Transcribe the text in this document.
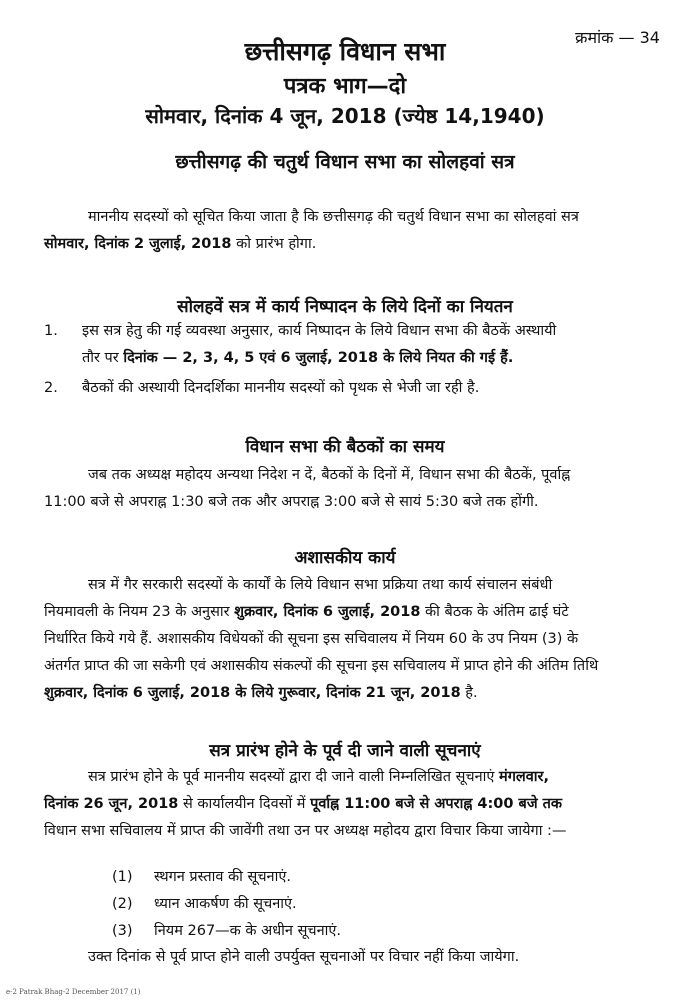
क्रमांक — 34
छत्तीसगढ़ विधान सभा
पत्रक भाग—दो
सोमवार, दिनांक 4 जून, 2018 (ज्येष्ठ 14,1940)
छत्तीसगढ़ की चतुर्थ विधान सभा का सोलहवां सत्र

माननीय सदस्यों को सूचित किया जाता है कि छत्तीसगढ़ की चतुर्थ विधान सभा का सोलहवां सत्र
सोमवार, दिनांक 2 जुलाई, 2018 को प्रारंभ होगा.

सोलहवें सत्र में कार्य निष्पादन के लिये दिनों का नियतन
1. इस सत्र हेतु की गई व्यवस्था अनुसार, कार्य निष्पादन के लिये विधान सभा की बैठकें अस्थायी
तौर पर दिनांक — 2, 3, 4, 5 एवं 6 जुलाई, 2018 के लिये नियत की गई हैं.
2. बैठकों की अस्थायी दिनदर्शिका माननीय सदस्यों को पृथक से भेजी जा रही है.
विधान सभा की बैठकों का समय

जब तक अध्यक्ष महोदय अन्यथा निदेश न दें, बैठकों के दिनों में, विधान सभा की बैठकें, पूर्वाह्न
11:00 बजे से अपराह्न 1:30 बजे तक और अपराह्न 3:00 बजे से सायं 5:30 बजे तक होंगी.

अशासकीय कार्य

सत्र में गैर सरकारी सदस्यों के कार्यों के लिये विधान सभा प्रक्रिया तथा कार्य संचालन संबंधी
नियमावली के नियम 23 के अनुसार शुक्रवार, दिनांक 6 जुलाई, 2018 की बैठक के अंतिम ढाई घंटे
निर्धारित किये गये हैं. अशासकीय विधेयकों की सूचना इस सचिवालय में नियम 60 के उप नियम (3) के
अंतर्गत प्राप्त की जा सकेगी एवं अशासकीय संकल्पों की सूचना इस सचिवालय में प्राप्त होने की अंतिम तिथि
शुक्रवार, दिनांक 6 जुलाई, 2018 के लिये गुरूवार, दिनांक 21 जून, 2018 है.

सत्र प्रारंभ होने के पूर्व दी जाने वाली सूचनाएं

सत्र प्रारंभ होने के पूर्व माननीय सदस्यों द्वारा दी जाने वाली निम्नलिखित सूचनाएं मंगलवार,
दिनांक 26 जून, 2018 से कार्यालयीन दिवसों में पूर्वाह्न 11:00 बजे से अपराह्न 4:00 बजे तक
विधान सभा सचिवालय में प्राप्त की जावेंगी तथा उन पर अध्यक्ष महोदय द्वारा विचार किया जायेगा :—

(1) स्थगन प्रस्ताव की सूचनाएं.
(2) ध्यान आकर्षण की सूचनाएं.
(3) नियम 267—क के अधीन सूचनाएं.

उक्त दिनांक से पूर्व प्राप्त होने वाली उपर्युक्त सूचनाओं पर विचार नहीं किया जायेगा.

e-2 Patrak Bhag-2 December 2017 (1)
